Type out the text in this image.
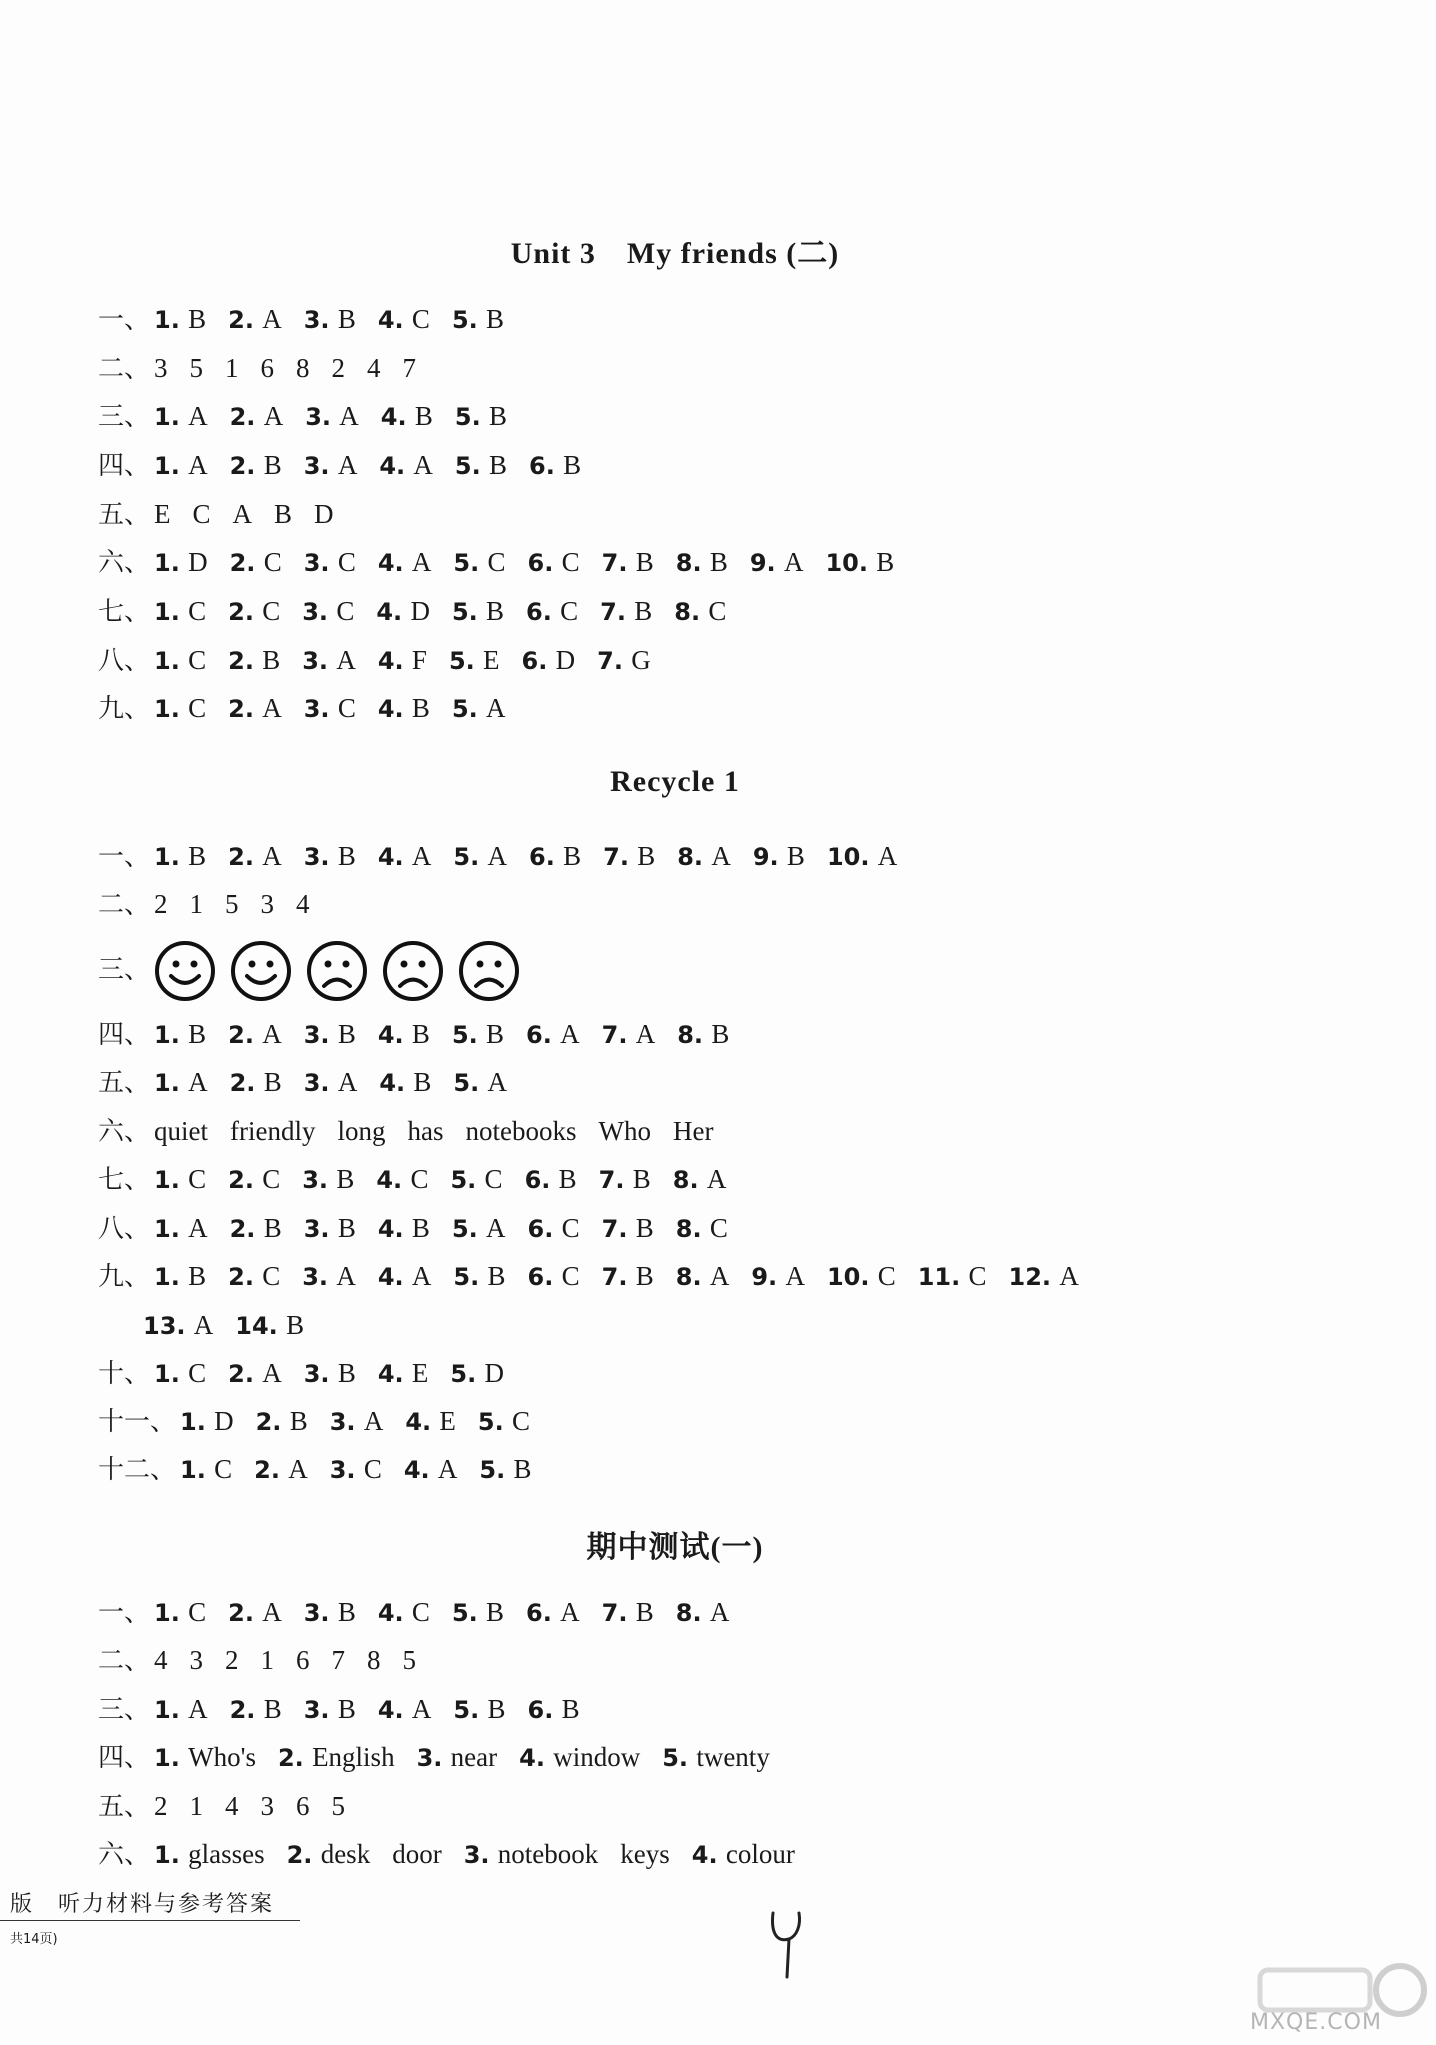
Unit 3　My friends (二)
一、 1. B 2. A 3. B 4. C 5. B
二、 3 5 1 6 8 2 4 7
三、 1. A 2. A 3. A 4. B 5. B
四、 1. A 2. B 3. A 4. A 5. B 6. B
五、 E C A B D
六、 1. D 2. C 3. C 4. A 5. C 6. C 7. B 8. B 9. A 10. B
七、 1. C 2. C 3. C 4. D 5. B 6. C 7. B 8. C
八、 1. C 2. B 3. A 4. F 5. E 6. D 7. G
九、 1. C 2. A 3. C 4. B 5. A
Recycle 1
一、 1. B 2. A 3. B 4. A 5. A 6. B 7. B 8. A 9. B 10. A
二、 2 1 5 3 4
三、
四、 1. B 2. A 3. B 4. B 5. B 6. A 7. A 8. B
五、 1. A 2. B 3. A 4. B 5. A
六、 quiet friendly long has notebooks Who Her
七、 1. C 2. C 3. B 4. C 5. C 6. B 7. B 8. A
八、 1. A 2. B 3. B 4. B 5. A 6. C 7. B 8. C
九、 1. B 2. C 3. A 4. A 5. B 6. C 7. B 8. A 9. A 10. C 11. C 12. A
13. A 14. B
十、 1. C 2. A 3. B 4. E 5. D
十一、 1. D 2. B 3. A 4. E 5. C
十二、 1. C 2. A 3. C 4. A 5. B
期中测试(一)
一、 1. C 2. A 3. B 4. C 5. B 6. A 7. B 8. A
二、 4 3 2 1 6 7 8 5
三、 1. A 2. B 3. B 4. A 5. B 6. B
四、 1. Who's 2. English 3. near 4. window 5. twenty
五、 2 1 4 3 6 5
六、 1. glasses 2. desk door 3. notebook keys 4. colour
版　听力材料与参考答案
共14页)
MXQE.COM
